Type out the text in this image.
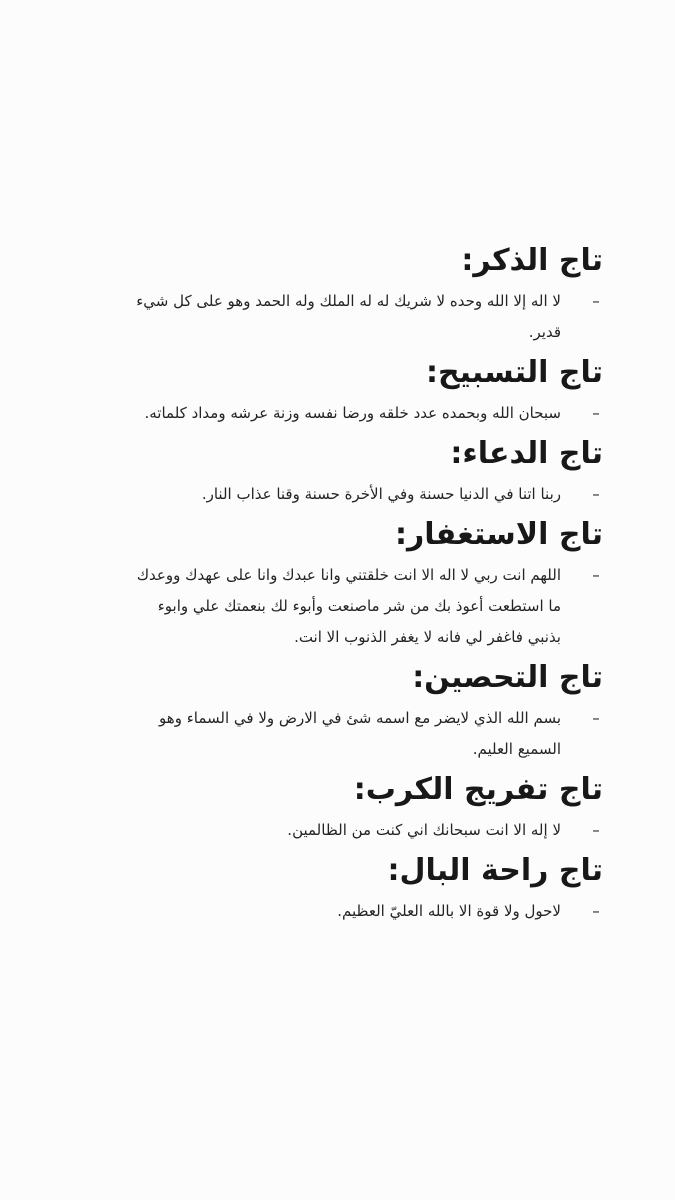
تاج الذكر:
–
لا اله إلا الله وحده لا شريك له له الملك وله الحمد وهو على كل شيء قدير.
تاج التسبيح:
–
سبحان الله وبحمده عدد خلقه ورضا نفسه وزنة عرشه ومداد كلماته.
تاج الدعاء:
–
ربنا اتنا في الدنيا حسنة وفي الأخرة حسنة وقنا عذاب النار.
تاج الاستغفار:
–
اللهم انت ربي لا اله الا انت خلقتني وانا عبدك وانا على عهدك ووعدك ما استطعت أعوذ بك من شر ماصنعت وأبوء لك بنعمتك علي وابوء بذنبي فاغفر لي فانه لا يغفر الذنوب الا انت.
تاج التحصين:
–
بسم الله الذي لايضر مع اسمه شئ في الارض ولا في السماء وهو السميع العليم.
تاج تفريج الكرب:
–
لا إله الا انت سبحانك اني كنت من الظالمين.
تاج راحة البال:
–
لاحول ولا قوة الا بالله العليّ العظيم.
